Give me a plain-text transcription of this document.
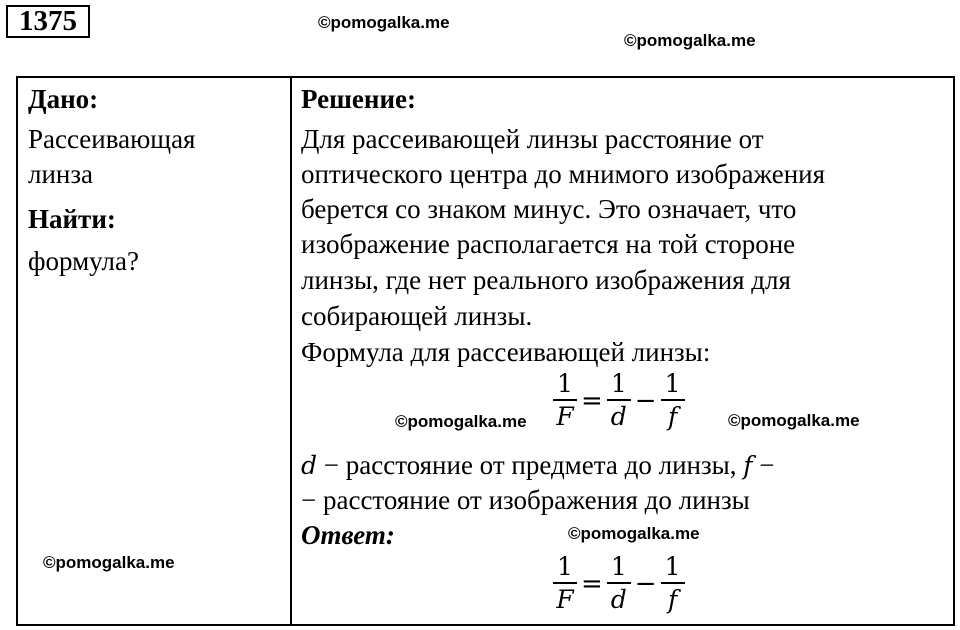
1375	©pomogalka.me
©pomogalka.me
Дано:
Рассеивающая
линза
Найти:
формула?
Решение:
Для рассеивающей линзы расстояние от
оптического центра до мнимого изображения
берется со знаком минус. Это означает, что
изображение располагается на той стороне
линзы, где нет реального изображения для
собирающей линзы.
Формула для рассеивающей линзы:
1
F
=
1
d
−
1
f
d − расстояние от предмета до линзы, f −
− расстояние от изображения до линзы
Ответ:
1
F
=
1
d
−
1
f
©pomogalka.me	©pomogalka.me
©pomogalka.me
©pomogalka.me
